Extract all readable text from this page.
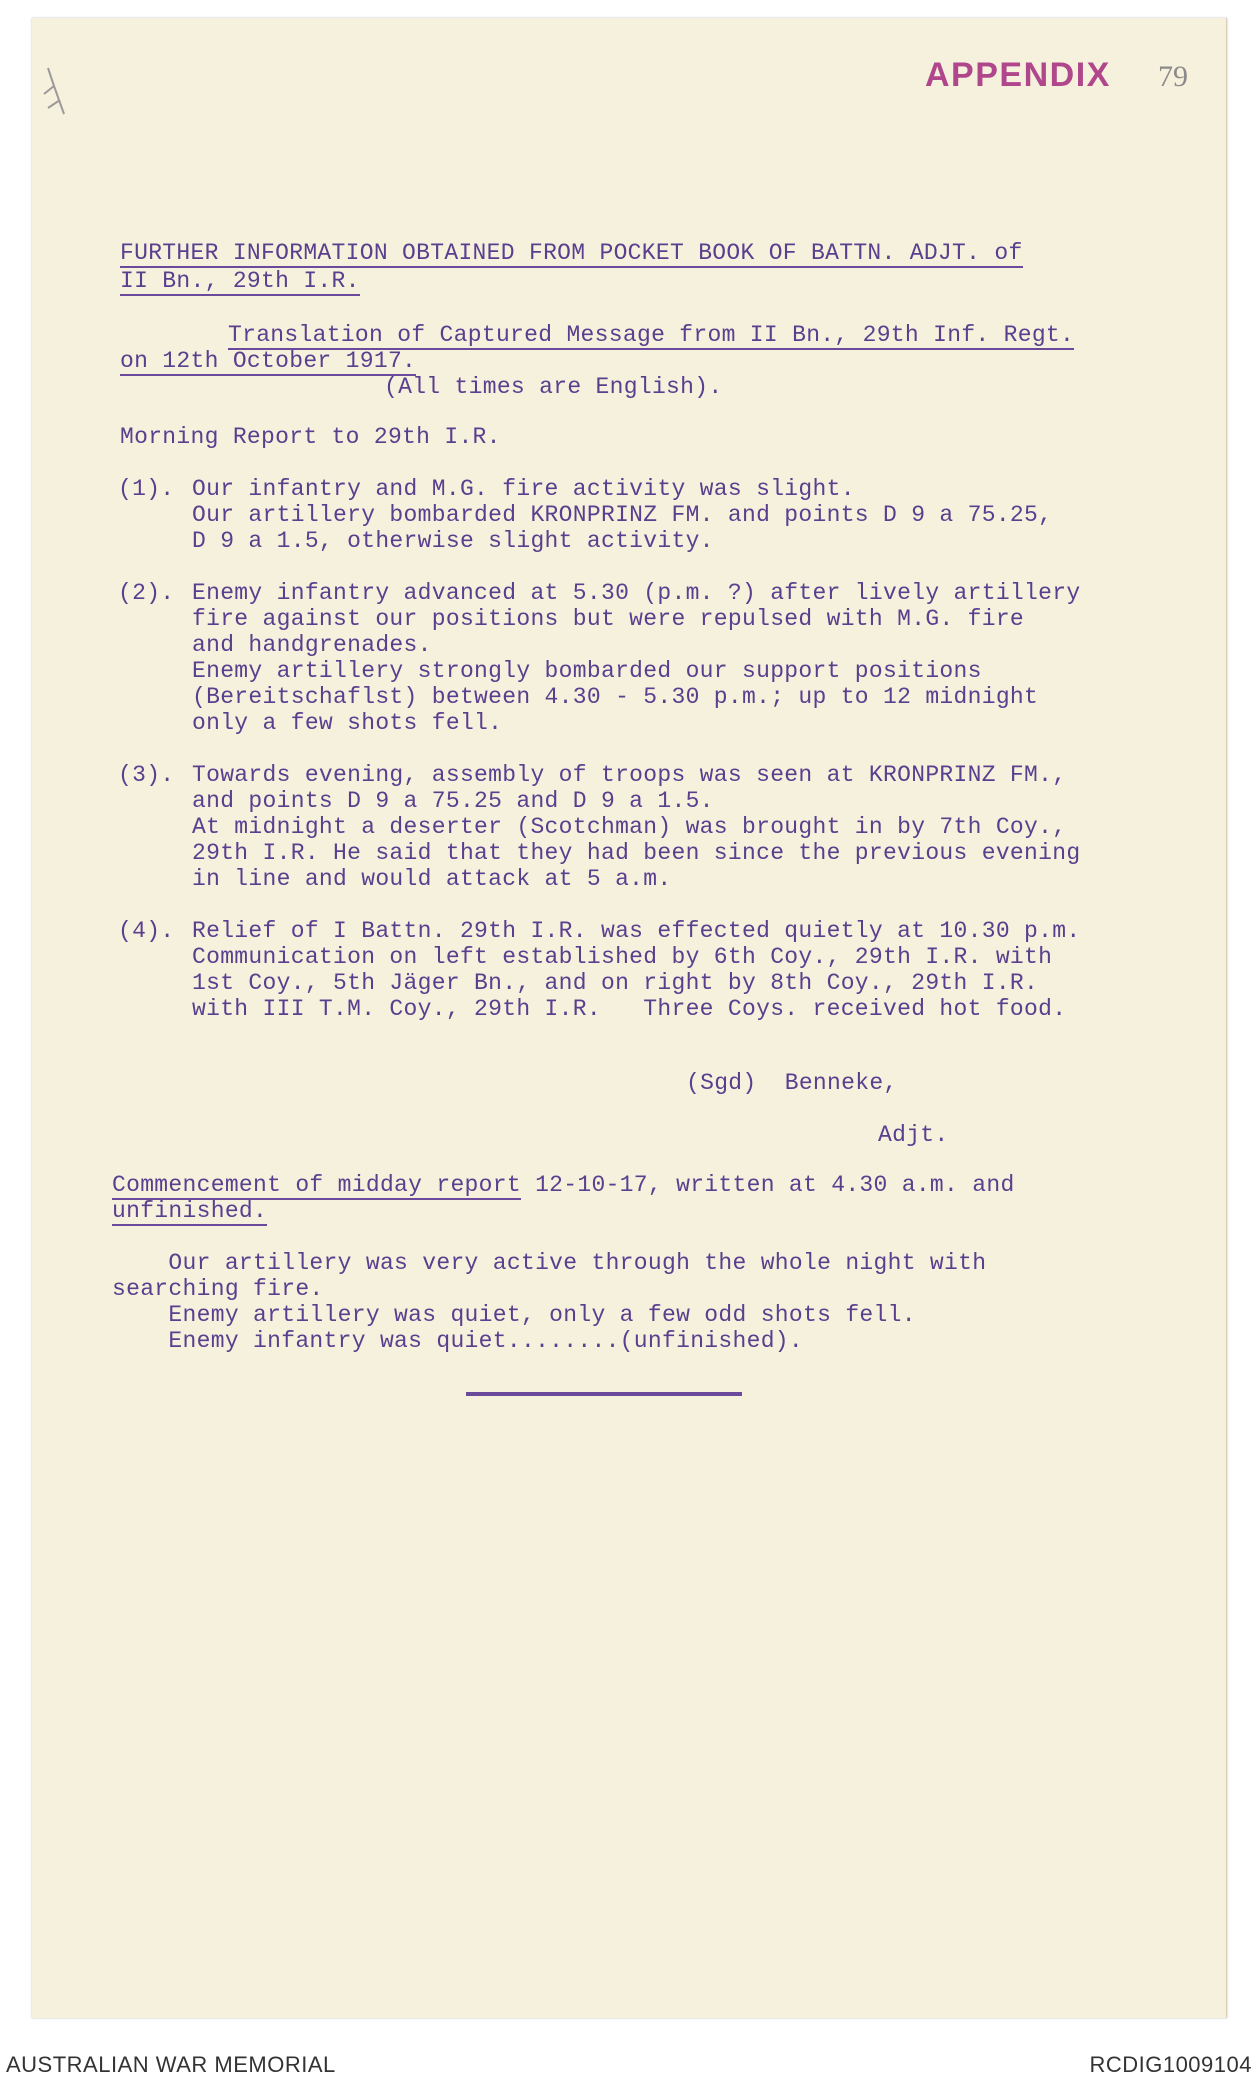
APPENDIX 79
FURTHER INFORMATION OBTAINED FROM POCKET BOOK OF BATTN. ADJT. of
II Bn., 29th I.R.
Translation of Captured Message from II Bn., 29th Inf. Regt.
on 12th October 1917.
(All times are English).
Morning Report to 29th I.R.
(1). Our infantry and M.G. fire activity was slight.
Our artillery bombarded KRONPRINZ FM. and points D 9 a 75.25,
D 9 a 1.5, otherwise slight activity.
(2). Enemy infantry advanced at 5.30 (p.m. ?) after lively artillery
fire against our positions but were repulsed with M.G. fire
and handgrenades.
Enemy artillery strongly bombarded our support positions
(Bereitschaflst) between 4.30 - 5.30 p.m.; up to 12 midnight
only a few shots fell.
(3). Towards evening, assembly of troops was seen at KRONPRINZ FM.,
and points D 9 a 75.25 and D 9 a 1.5.
At midnight a deserter (Scotchman) was brought in by 7th Coy.,
29th I.R. He said that they had been since the previous evening
in line and would attack at 5 a.m.
(4). Relief of I Battn. 29th I.R. was effected quietly at 10.30 p.m.
Communication on left established by 6th Coy., 29th I.R. with
1st Coy., 5th Jäger Bn., and on right by 8th Coy., 29th I.R.
with III T.M. Coy., 29th I.R.   Three Coys. received hot food.
(Sgd)  Benneke,
Adjt.
Commencement of midday report 12-10-17, written at 4.30 a.m. and
unfinished.
Our artillery was very active through the whole night with
searching fire.
Enemy artillery was quiet, only a few odd shots fell.
Enemy infantry was quiet........(unfinished).
AUSTRALIAN WAR MEMORIAL	RCDIG1009104
